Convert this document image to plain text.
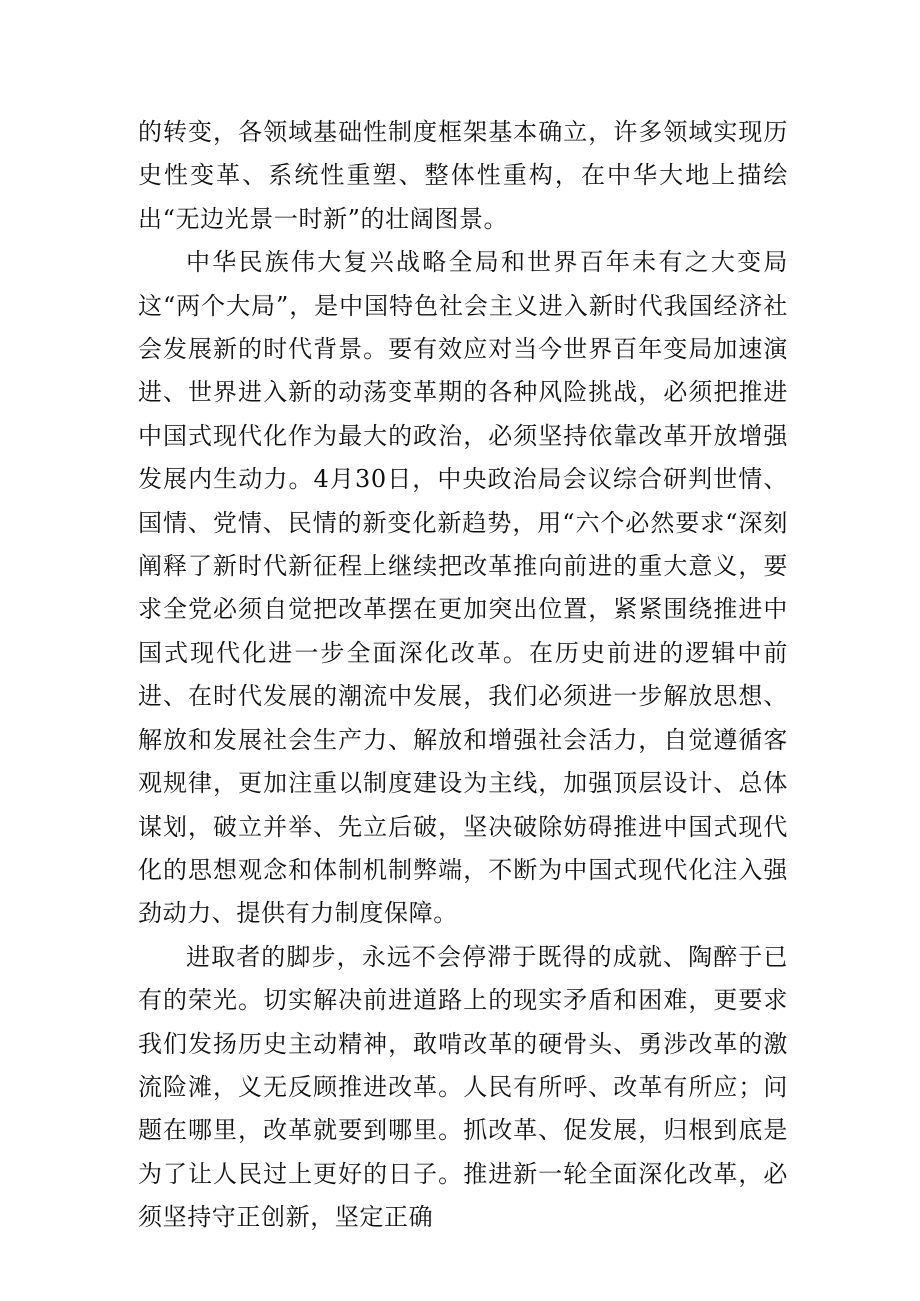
的转变，各领域基础性制度框架基本确立，许多领域实现历史性变革、系统性重塑、整体性重构，在中华大地上描绘出“无边光景一时新”的壮阔图景。

中华民族伟大复兴战略全局和世界百年未有之大变局这“两个大局”，是中国特色社会主义进入新时代我国经济社会发展新的时代背景。要有效应对当今世界百年变局加速演进、世界进入新的动荡变革期的各种风险挑战，必须把推进中国式现代化作为最大的政治，必须坚持依靠改革开放增强发展内生动力。4月30日，中央政治局会议综合研判世情、国情、党情、民情的新变化新趋势，用“六个必然要求“深刻阐释了新时代新征程上继续把改革推向前进的重大意义，要求全党必须自觉把改革摆在更加突出位置，紧紧围绕推进中国式现代化进一步全面深化改革。在历史前进的逻辑中前进、在时代发展的潮流中发展，我们必须进一步解放思想、解放和发展社会生产力、解放和增强社会活力，自觉遵循客观规律，更加注重以制度建设为主线，加强顶层设计、总体谋划，破立并举、先立后破，坚决破除妨碍推进中国式现代化的思想观念和体制机制弊端，不断为中国式现代化注入强劲动力、提供有力制度保障。

进取者的脚步，永远不会停滞于既得的成就、陶醉于已有的荣光。切实解决前进道路上的现实矛盾和困难，更要求我们发扬历史主动精神，敢啃改革的硬骨头、勇涉改革的激流险滩，义无反顾推进改革。人民有所呼、改革有所应；问题在哪里，改革就要到哪里。抓改革、促发展，归根到底是为了让人民过上更好的日子。推进新一轮全面深化改革，必须坚持守正创新，坚定正确
